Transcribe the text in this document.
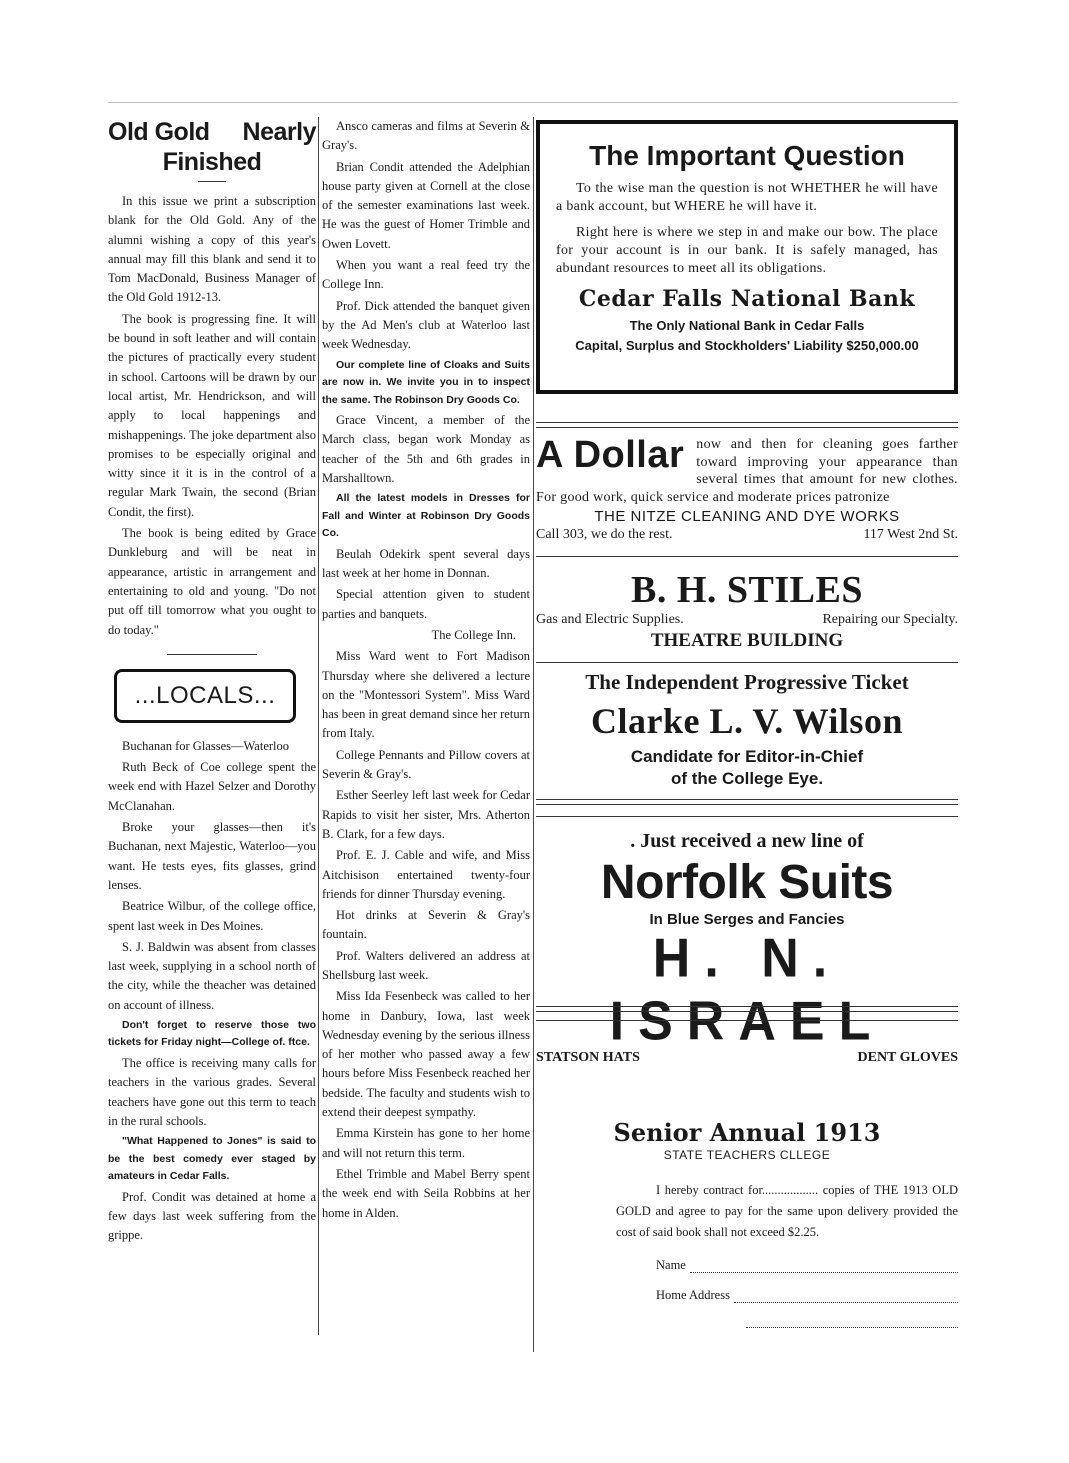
Old Gold Nearly
Finished

In this issue we print a subscription blank for the Old Gold. Any of the alumni wishing a copy of this year's annual may fill this blank and send it to Tom MacDonald, Business Manager of the Old Gold 1912-13.

The book is progressing fine. It will be bound in soft leather and will contain the pictures of practically every student in school. Cartoons will be drawn by our local artist, Mr. Hendrickson, and will apply to local happenings and mishappenings. The joke department also promises to be especially original and witty since it it is in the control of a regular Mark Twain, the second (Brian Condit, the first).

The book is being edited by Grace Dunkleburg and will be neat in appearance, artistic in arrangement and entertaining to old and young. "Do not put off till tomorrow what you ought to do today."

...LOCALS...

Buchanan for Glasses—Waterloo

Ruth Beck of Coe college spent the week end with Hazel Selzer and Dorothy McClanahan.

Broke your glasses—then it's Buchanan, next Majestic, Waterloo—you want. He tests eyes, fits glasses, grind lenses.

Beatrice Wilbur, of the college office, spent last week in Des Moines.

S. J. Baldwin was absent from classes last week, supplying in a school north of the city, while the theacher was detained on account of illness.

Don't forget to reserve those two tickets for Friday night—College of. ftce.

The office is receiving many calls for teachers in the various grades. Several teachers have gone out this term to teach in the rural schools.

"What Happened to Jones" is said to be the best comedy ever staged by amateurs in Cedar Falls.

Prof. Condit was detained at home a few days last week suffering from the grippe.

Ansco cameras and films at Severin & Gray's.

Brian Condit attended the Adelphian house party given at Cornell at the close of the semester examinations last week. He was the guest of Homer Trimble and Owen Lovett.

When you want a real feed try the College Inn.

Prof. Dick attended the banquet given by the Ad Men's club at Waterloo last week Wednesday.

Our complete line of Cloaks and Suits are now in. We invite you in to inspect the same. The Robinson Dry Goods Co.

Grace Vincent, a member of the March class, began work Monday as teacher of the 5th and 6th grades in Marshalltown.

All the latest models in Dresses for Fall and Winter at Robinson Dry Goods Co.

Beulah Odekirk spent several days last week at her home in Donnan.

Special attention given to student parties and banquets.

The College Inn.

Miss Ward went to Fort Madison Thursday where she delivered a lecture on the "Montessori System". Miss Ward has been in great demand since her return from Italy.

College Pennants and Pillow covers at Severin & Gray's.

Esther Seerley left last week for Cedar Rapids to visit her sister, Mrs. Atherton B. Clark, for a few days.

Prof. E. J. Cable and wife, and Miss Aitchisison entertained twenty-four friends for dinner Thursday evening.

Hot drinks at Severin & Gray's fountain.

Prof. Walters delivered an address at Shellsburg last week.

Miss Ida Fesenbeck was called to her home in Danbury, Iowa, last week Wednesday evening by the serious illness of her mother who passed away a few hours before Miss Fesenbeck reached her bedside. The faculty and students wish to extend their deepest sympathy.

Emma Kirstein has gone to her home and will not return this term.

Ethel Trimble and Mabel Berry spent the week end with Seila Robbins at her home in Alden.

The Important Question
To the wise man the question is not WHETHER he will have a bank account, but WHERE he will have it.
Right here is where we step in and make our bow. The place for your account is in our bank. It is safely managed, has abundant resources to meet all its obligations.
Cedar Falls National Bank
The Only National Bank in Cedar Falls
Capital, Surplus and Stockholders' Liability $250,000.00
A Dollar now and then for cleaning goes farther toward improving your appearance than several times that amount for new clothes. For good work, quick service and moderate prices patronize
THE NITZE CLEANING AND DYE WORKS
Call 303, we do the rest.	117 West 2nd St.
B. H. STILES
Gas and Electric Supplies.	Repairing our Specialty.
THEATRE BUILDING
The Independent Progressive Ticket
Clarke L. V. Wilson
Candidate for Editor-in-Chief
of the College Eye.
. Just received a new line of
Norfolk Suits
In Blue Serges and Fancies
H. N. ISRAEL
STATSON HATS	DENT GLOVES
Senior Annual 1913
STATE TEACHERS CLLEGE
I hereby contract for.................. copies of THE 1913 OLD GOLD and agree to pay for the same upon delivery provided the cost of said book shall not exceed $2.25.
Name
Home Address
